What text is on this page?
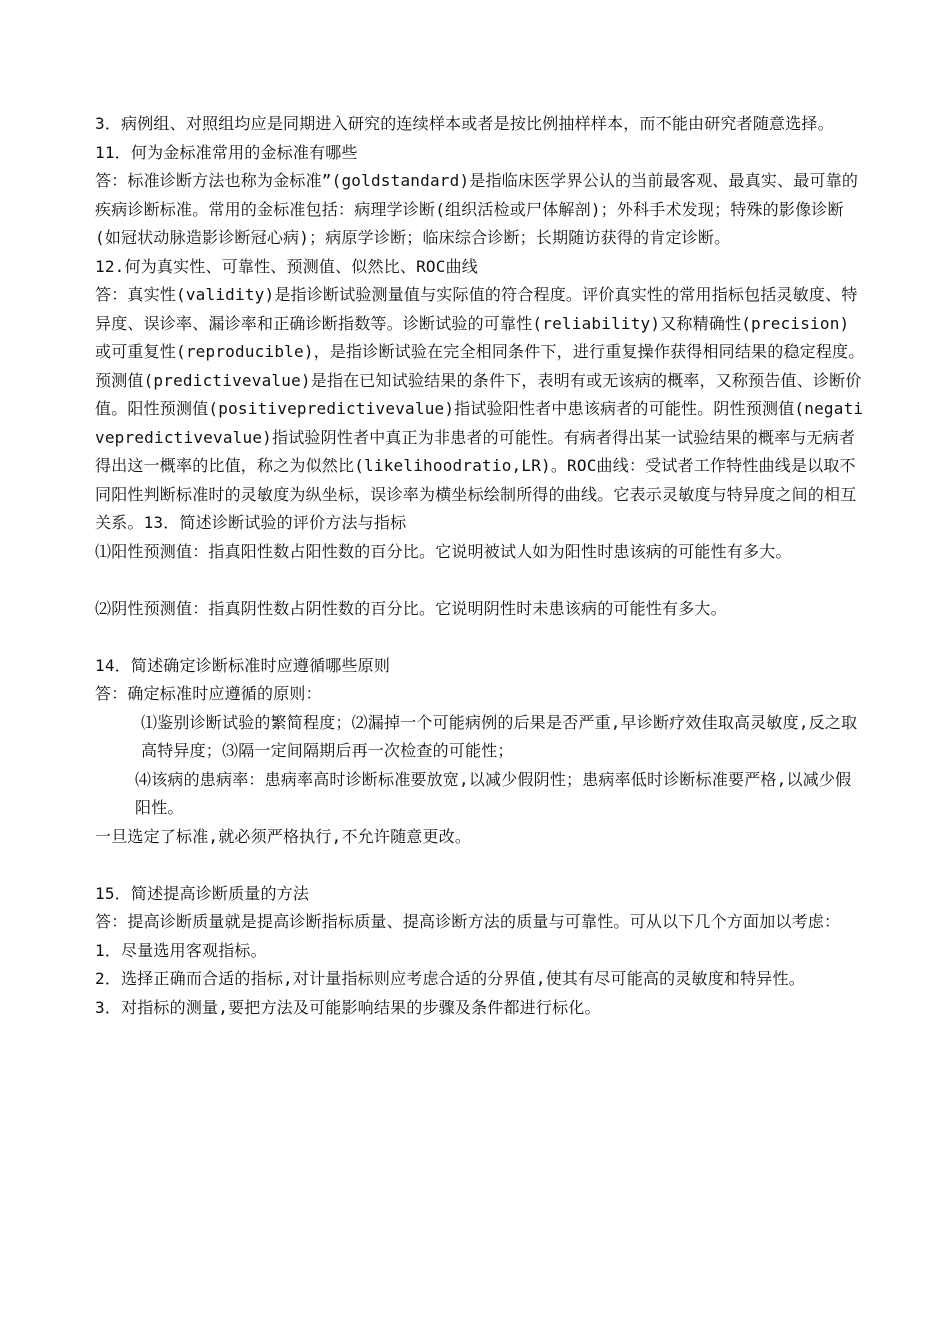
3．病例组、对照组均应是同期进入研究的连续样本或者是按比例抽样样本，而不能由研究者随意选择。

11．何为金标准常用的金标准有哪些

答：标准诊断方法也称为金标准”(goldstandard)是指临床医学界公认的当前最客观、最真实、最可靠的疾病诊断标准。常用的金标准包括：病理学诊断(组织活检或尸体解剖)；外科手术发现；特殊的影像诊断(如冠状动脉造影诊断冠心病)；病原学诊断；临床综合诊断；长期随访获得的肯定诊断。

12.何为真实性、可靠性、预测值、似然比、ROC曲线

答：真实性(validity)是指诊断试验测量值与实际值的符合程度。评价真实性的常用指标包括灵敏度、特异度、误诊率、漏诊率和正确诊断指数等。诊断试验的可靠性(reliability)又称精确性(precision)或可重复性(reproducible)，是指诊断试验在完全相同条件下，进行重复操作获得相同结果的稳定程度。预测值(predictivevalue)是指在已知试验结果的条件下，表明有或无该病的概率，又称预告值、诊断价值。阳性预测值(positivepredictivevalue)指试验阳性者中患该病者的可能性。阴性预测值(negativepredictivevalue)指试验阴性者中真正为非患者的可能性。有病者得出某一试验结果的概率与无病者得出这一概率的比值，称之为似然比(likelihoodratio,LR)。ROC曲线：受试者工作特性曲线是以取不同阳性判断标准时的灵敏度为纵坐标，误诊率为横坐标绘制所得的曲线。它表示灵敏度与特异度之间的相互关系。13．简述诊断试验的评价方法与指标

⑴阳性预测值：指真阳性数占阳性数的百分比。它说明被试人如为阳性时患该病的可能性有多大。

⑵阴性预测值：指真阴性数占阴性数的百分比。它说明阴性时未患该病的可能性有多大。

14．简述确定诊断标准时应遵循哪些原则

答：确定标准时应遵循的原则：

⑴鉴别诊断试验的繁简程度；⑵漏掉一个可能病例的后果是否严重,早诊断疗效佳取高灵敏度,反之取高特异度；⑶隔一定间隔期后再一次检查的可能性；

⑷该病的患病率：患病率高时诊断标准要放宽,以减少假阴性；患病率低时诊断标准要严格,以减少假阳性。

一旦选定了标准,就必须严格执行,不允许随意更改。

15．简述提高诊断质量的方法

答：提高诊断质量就是提高诊断指标质量、提高诊断方法的质量与可靠性。可从以下几个方面加以考虑：

1．尽量选用客观指标。

2．选择正确而合适的指标,对计量指标则应考虑合适的分界值,使其有尽可能高的灵敏度和特异性。

3．对指标的测量,要把方法及可能影响结果的步骤及条件都进行标化。
